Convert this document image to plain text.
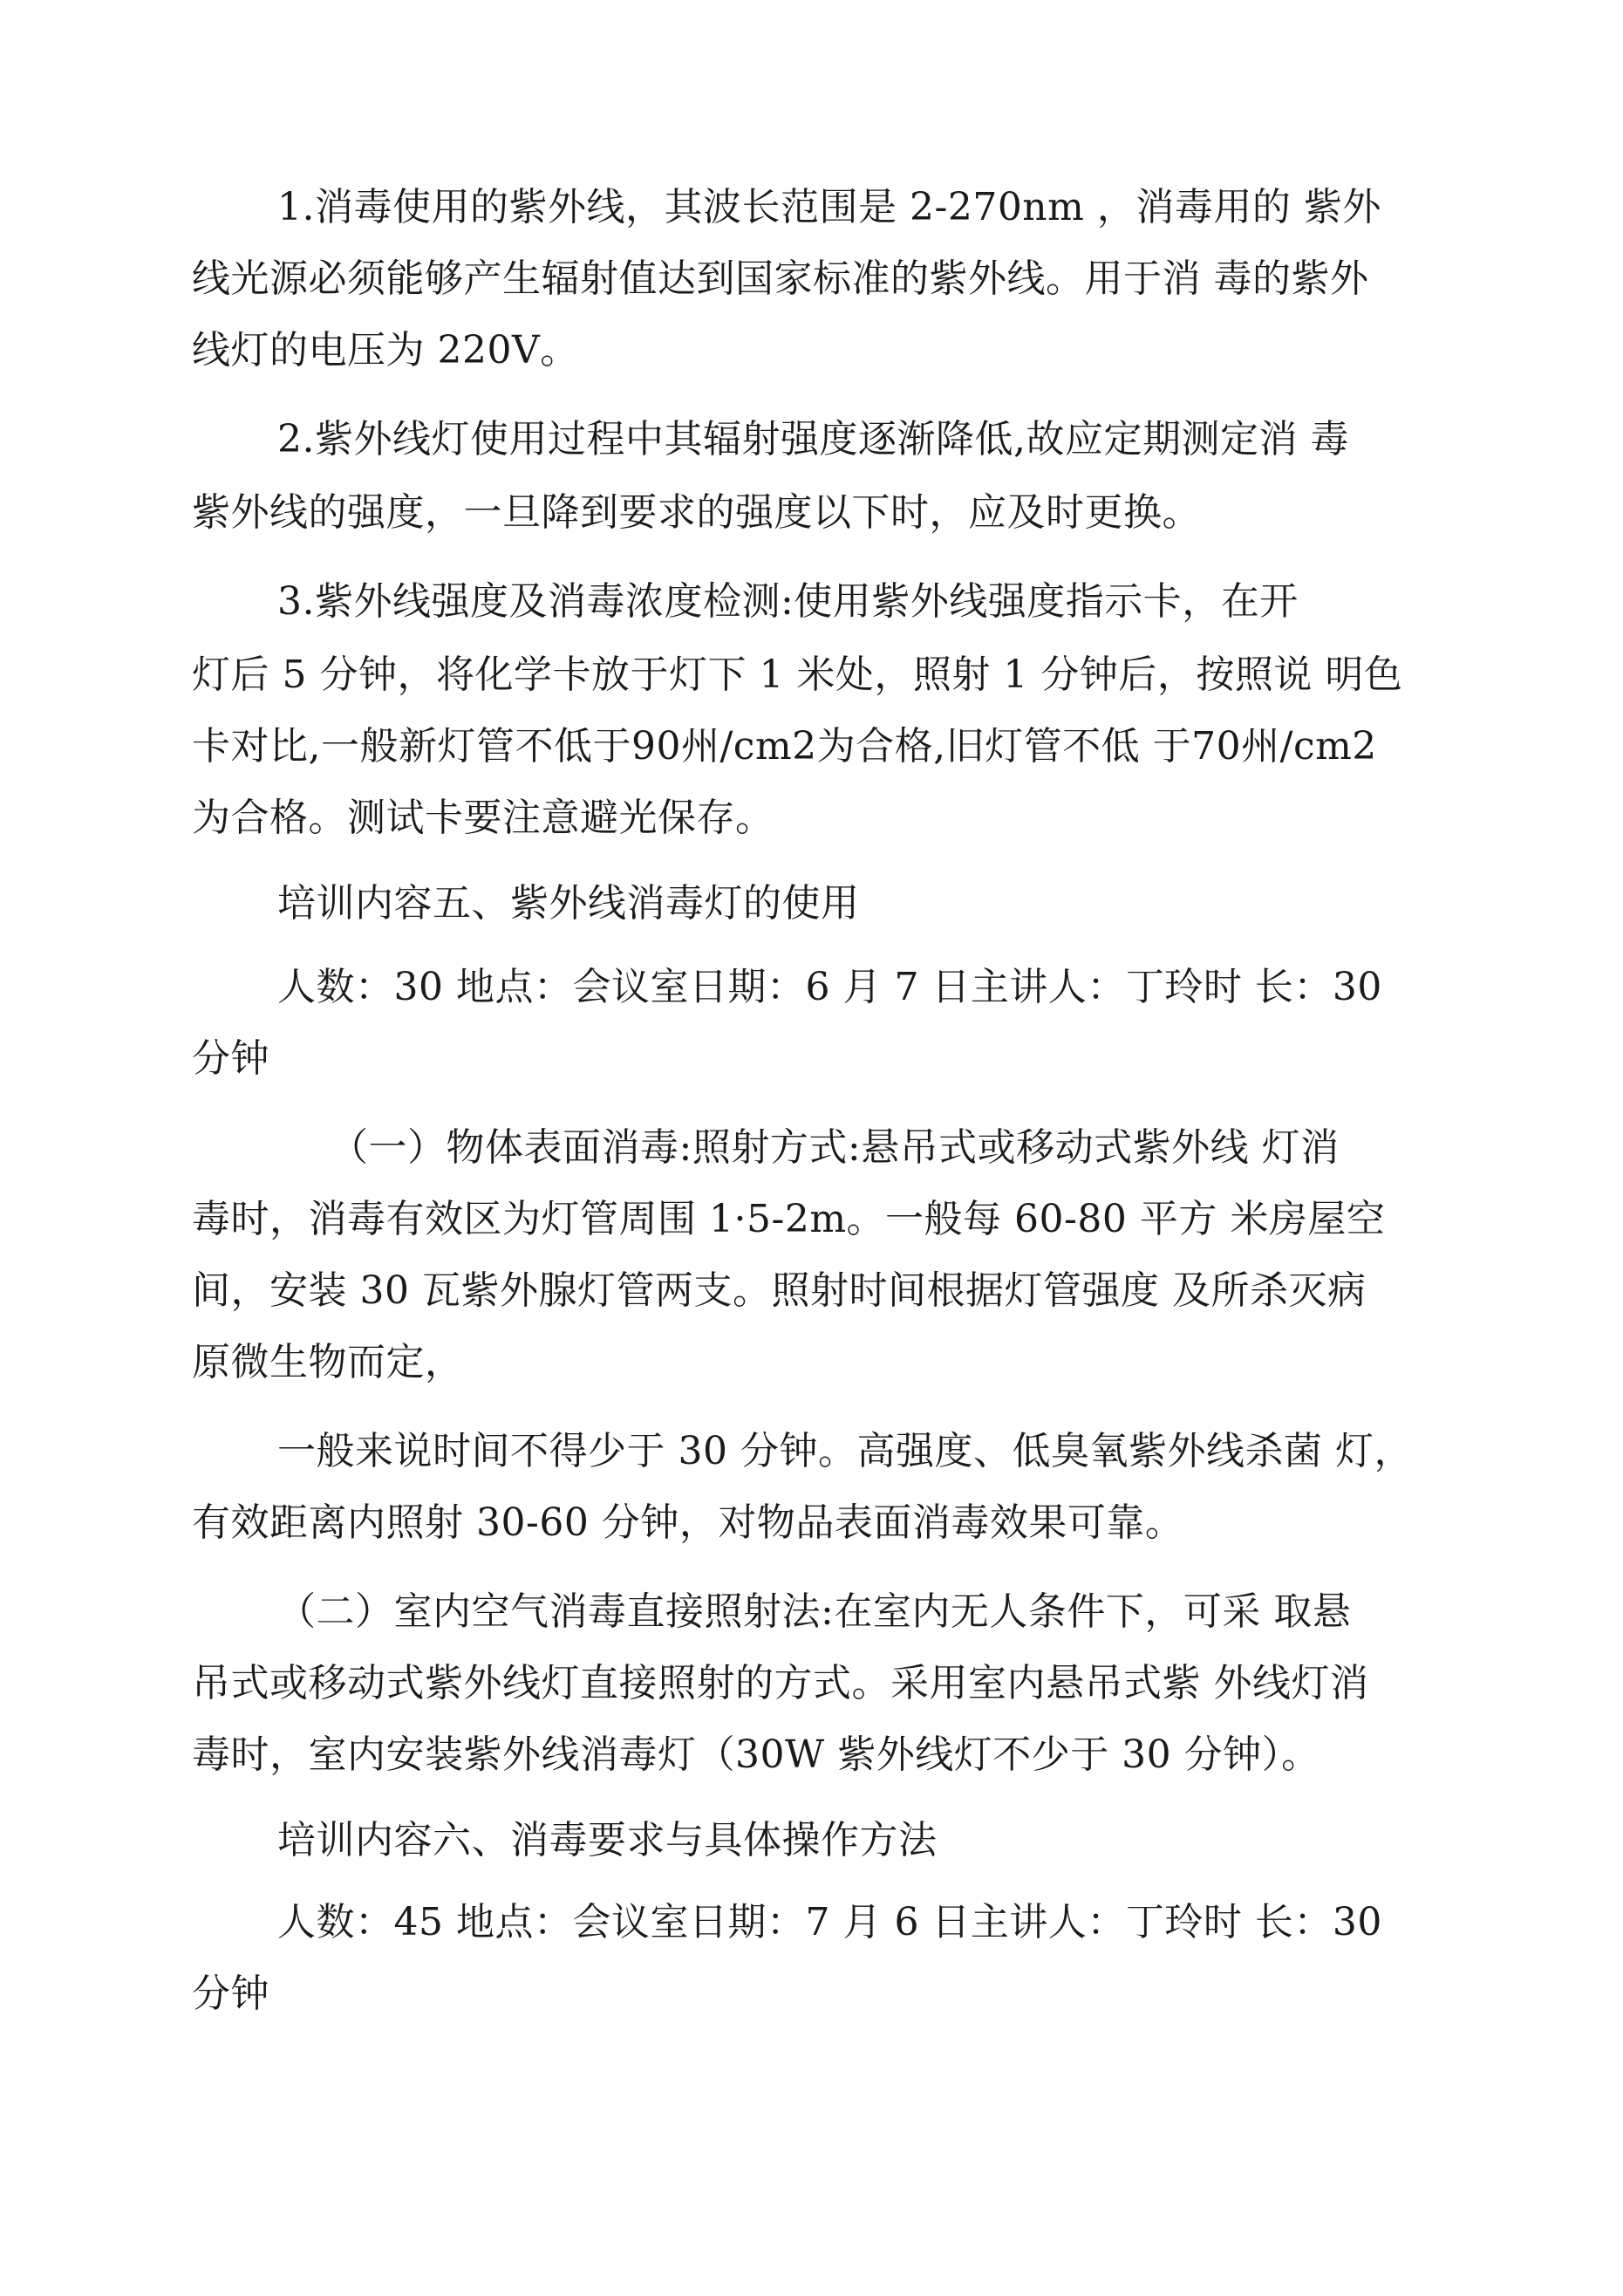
1.消毒使用的紫外线，其波长范围是 2-270nm ，消毒用的 紫外
线光源必须能够产生辐射值达到国家标准的紫外线。用于消 毒的紫外
线灯的电压为 220V。
2.紫外线灯使用过程中其辐射强度逐渐降低,故应定期测定消 毒
紫外线的强度，一旦降到要求的强度以下时，应及时更换。
3.紫外线强度及消毒浓度检测:使用紫外线强度指示卡，在开
灯后 5 分钟，将化学卡放于灯下 1 米处，照射 1 分钟后，按照说 明色
卡对比,一般新灯管不低于90州/cm2为合格,旧灯管不低 于70州/cm2
为合格。测试卡要注意避光保存。
培训内容五、紫外线消毒灯的使用
人数：30 地点：会议室日期：6 月 7 日主讲人：丁玲时 长：30
分钟
（一）物体表面消毒:照射方式:悬吊式或移动式紫外线 灯消
毒时，消毒有效区为灯管周围 1·5-2m。一般每 60-80 平方 米房屋空
间，安装 30 瓦紫外腺灯管两支。照射时间根据灯管强度 及所杀灭病
原微生物而定，
一般来说时间不得少于 30 分钟。高强度、低臭氧紫外线杀菌 灯，
有效距离内照射 30-60 分钟，对物品表面消毒效果可靠。
（二）室内空气消毒直接照射法:在室内无人条件下，可采 取悬
吊式或移动式紫外线灯直接照射的方式。采用室内悬吊式紫 外线灯消
毒时，室内安装紫外线消毒灯（30W 紫外线灯不少于 30 分钟）。
培训内容六、消毒要求与具体操作方法
人数：45 地点：会议室日期：7 月 6 日主讲人：丁玲时 长：30
分钟
